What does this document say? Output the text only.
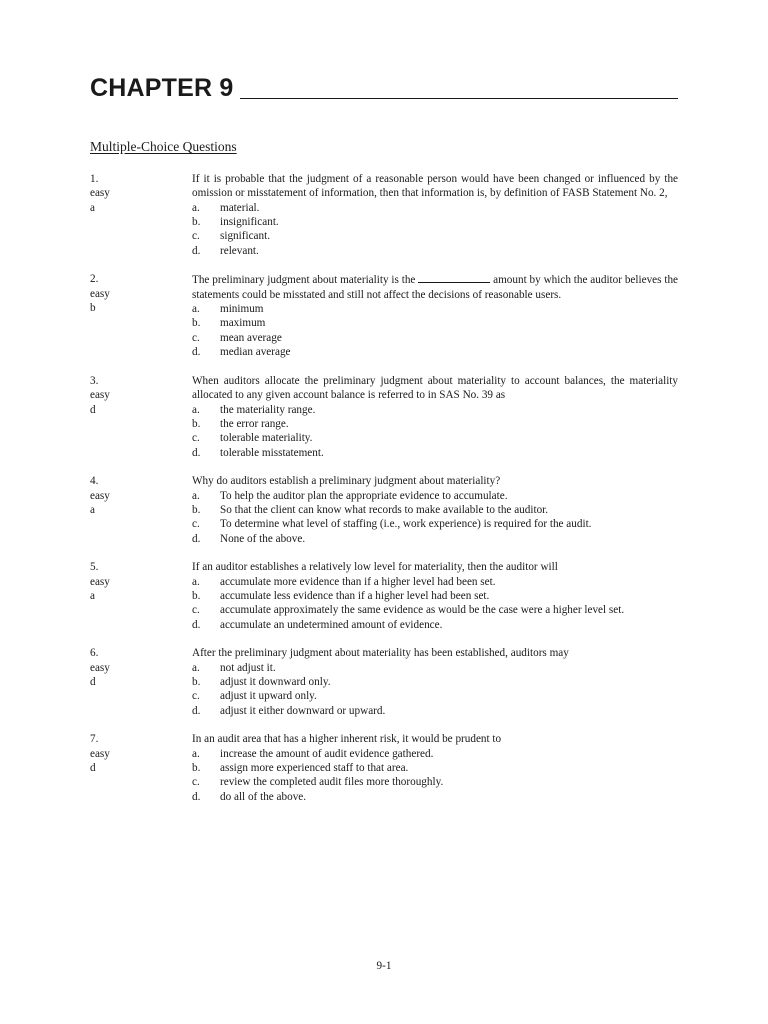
CHAPTER 9
Multiple-Choice Questions
1.
easy
a
If it is probable that the judgment of a reasonable person would have been changed or influenced by the omission or misstatement of information, then that information is, by definition of FASB Statement No. 2,
a.	material.
b.	insignificant.
c.	significant.
d.	relevant.
2.
easy
b
The preliminary judgment about materiality is the	amount by which the auditor believes the statements could be misstated and still not affect the decisions of reasonable users.
a.	minimum
b.	maximum
c.	mean average
d.	median average
3.
easy
d
When auditors allocate the preliminary judgment about materiality to account balances, the materiality allocated to any given account balance is referred to in SAS No. 39 as
a.	the materiality range.
b.	the error range.
c.	tolerable materiality.
d.	tolerable misstatement.
4.
easy
a
Why do auditors establish a preliminary judgment about materiality?
a.	To help the auditor plan the appropriate evidence to accumulate.
b.	So that the client can know what records to make available to the auditor.
c.	To determine what level of staffing (i.e., work experience) is required for the audit.
d.	None of the above.
5.
easy
a
If an auditor establishes a relatively low level for materiality, then the auditor will
a.	accumulate more evidence than if a higher level had been set.
b.	accumulate less evidence than if a higher level had been set.
c.	accumulate approximately the same evidence as would be the case were a higher level set.
d.	accumulate an undetermined amount of evidence.
6.
easy
d
After the preliminary judgment about materiality has been established, auditors may
a.	not adjust it.
b.	adjust it downward only.
c.	adjust it upward only.
d.	adjust it either downward or upward.
7.
easy
d
In an audit area that has a higher inherent risk, it would be prudent to
a.	increase the amount of audit evidence gathered.
b.	assign more experienced staff to that area.
c.	review the completed audit files more thoroughly.
d.	do all of the above.
9-1
